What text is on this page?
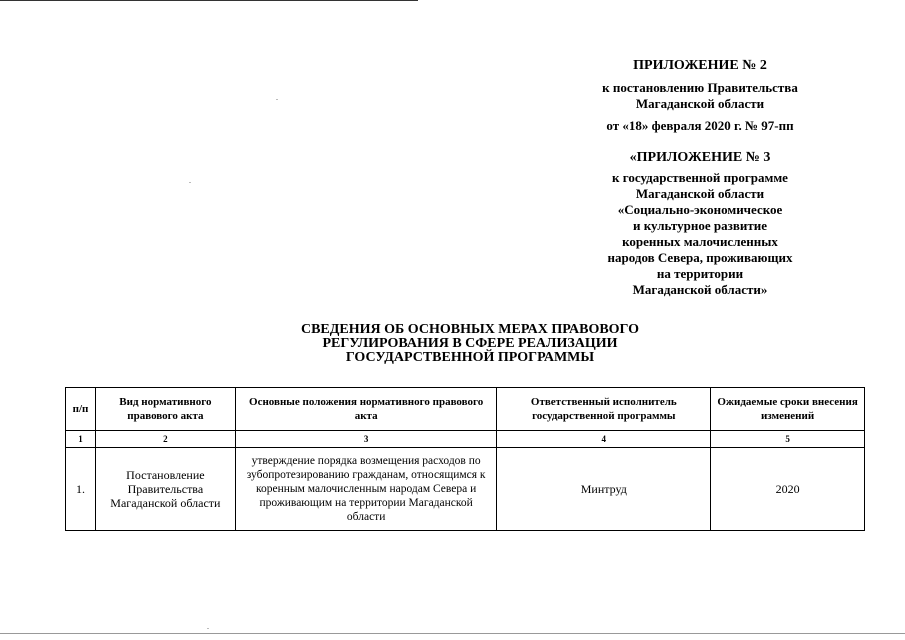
ПРИЛОЖЕНИЕ № 2
к постановлению Правительства
Магаданской области
от «18» февраля 2020 г. № 97-пп
«ПРИЛОЖЕНИЕ № 3
к государственной программе
Магаданской области
«Социально-экономическое
и культурное развитие
коренных малочисленных
народов Севера, проживающих
на территории
Магаданской области»
СВЕДЕНИЯ ОБ ОСНОВНЫХ МЕРАХ ПРАВОВОГО
РЕГУЛИРОВАНИЯ В СФЕРЕ РЕАЛИЗАЦИИ
ГОСУДАРСТВЕННОЙ ПРОГРАММЫ
п/п	Вид нормативного правового акта	Основные положения нормативного правового акта	Ответственный исполнитель государственной программы	Ожидаемые сроки внесения изменений
1	2	3	4	5
1.	Постановление Правительства Магаданской области	утверждение порядка возмещения расходов по зубопротезированию гражданам, относящимся к коренным малочисленным народам Севера и проживающим на территории Магаданской области	Минтруд	2020
